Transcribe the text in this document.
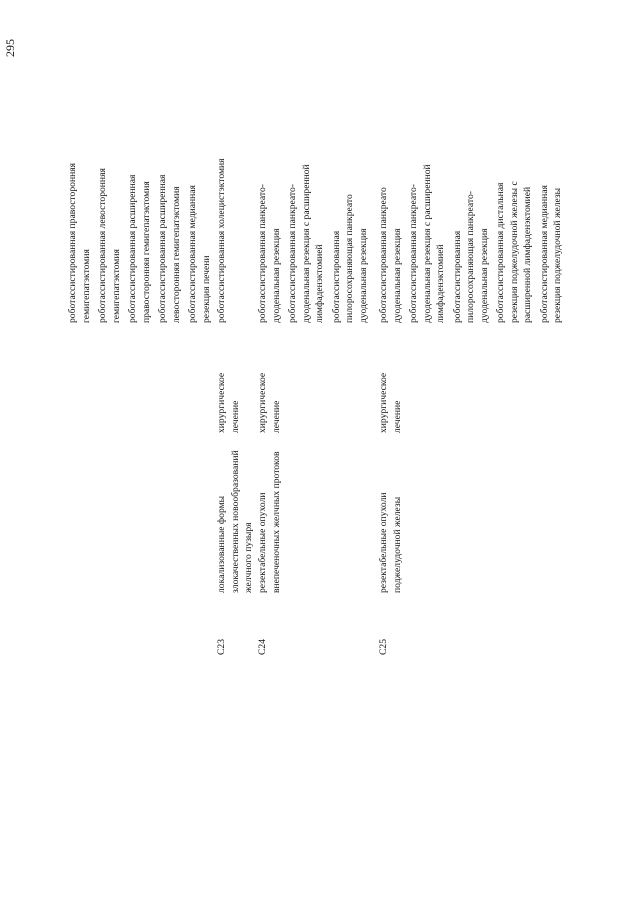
295

роботассистированная правосторонняя гемигепатэктомия роботассистированная левосторонняя гемигепатэктомия роботассистированная расширенная правосторонняя гемигепатэктомия роботассистированная расширенная левосторонняя гемигепатэктомия роботассистированная медианная резекция печени

C23
локализованные формы злокачественных новообразований желчного пузыря
хирургическое лечение

роботассистированная холецистэктомия

C24
резектабельные опухоли внепеченочных желчных протоков
хирургическое лечение

роботассистированная панкреато- дуоденальная резекция роботассистированная панкреато- дуоденальная резекция с расширенной лимфаденэктомией роботассистированная пилоросохраняющая панкреато дуоденальная резекция

C25
резектабельные опухоли поджелудочной железы
хирургическое лечение

роботассистированная панкреато дуоденальная резекция роботассистированная панкреато- дуоденальная резекция с расширенной лимфаденэктомией роботассистированная пилоросохраняющая панкреато- дуоденальная резекция роботассистированная дистальная резекция поджелудочной железы с расширенной лимфаденэктомией роботассистированная медианная резекция поджелудочной железы
